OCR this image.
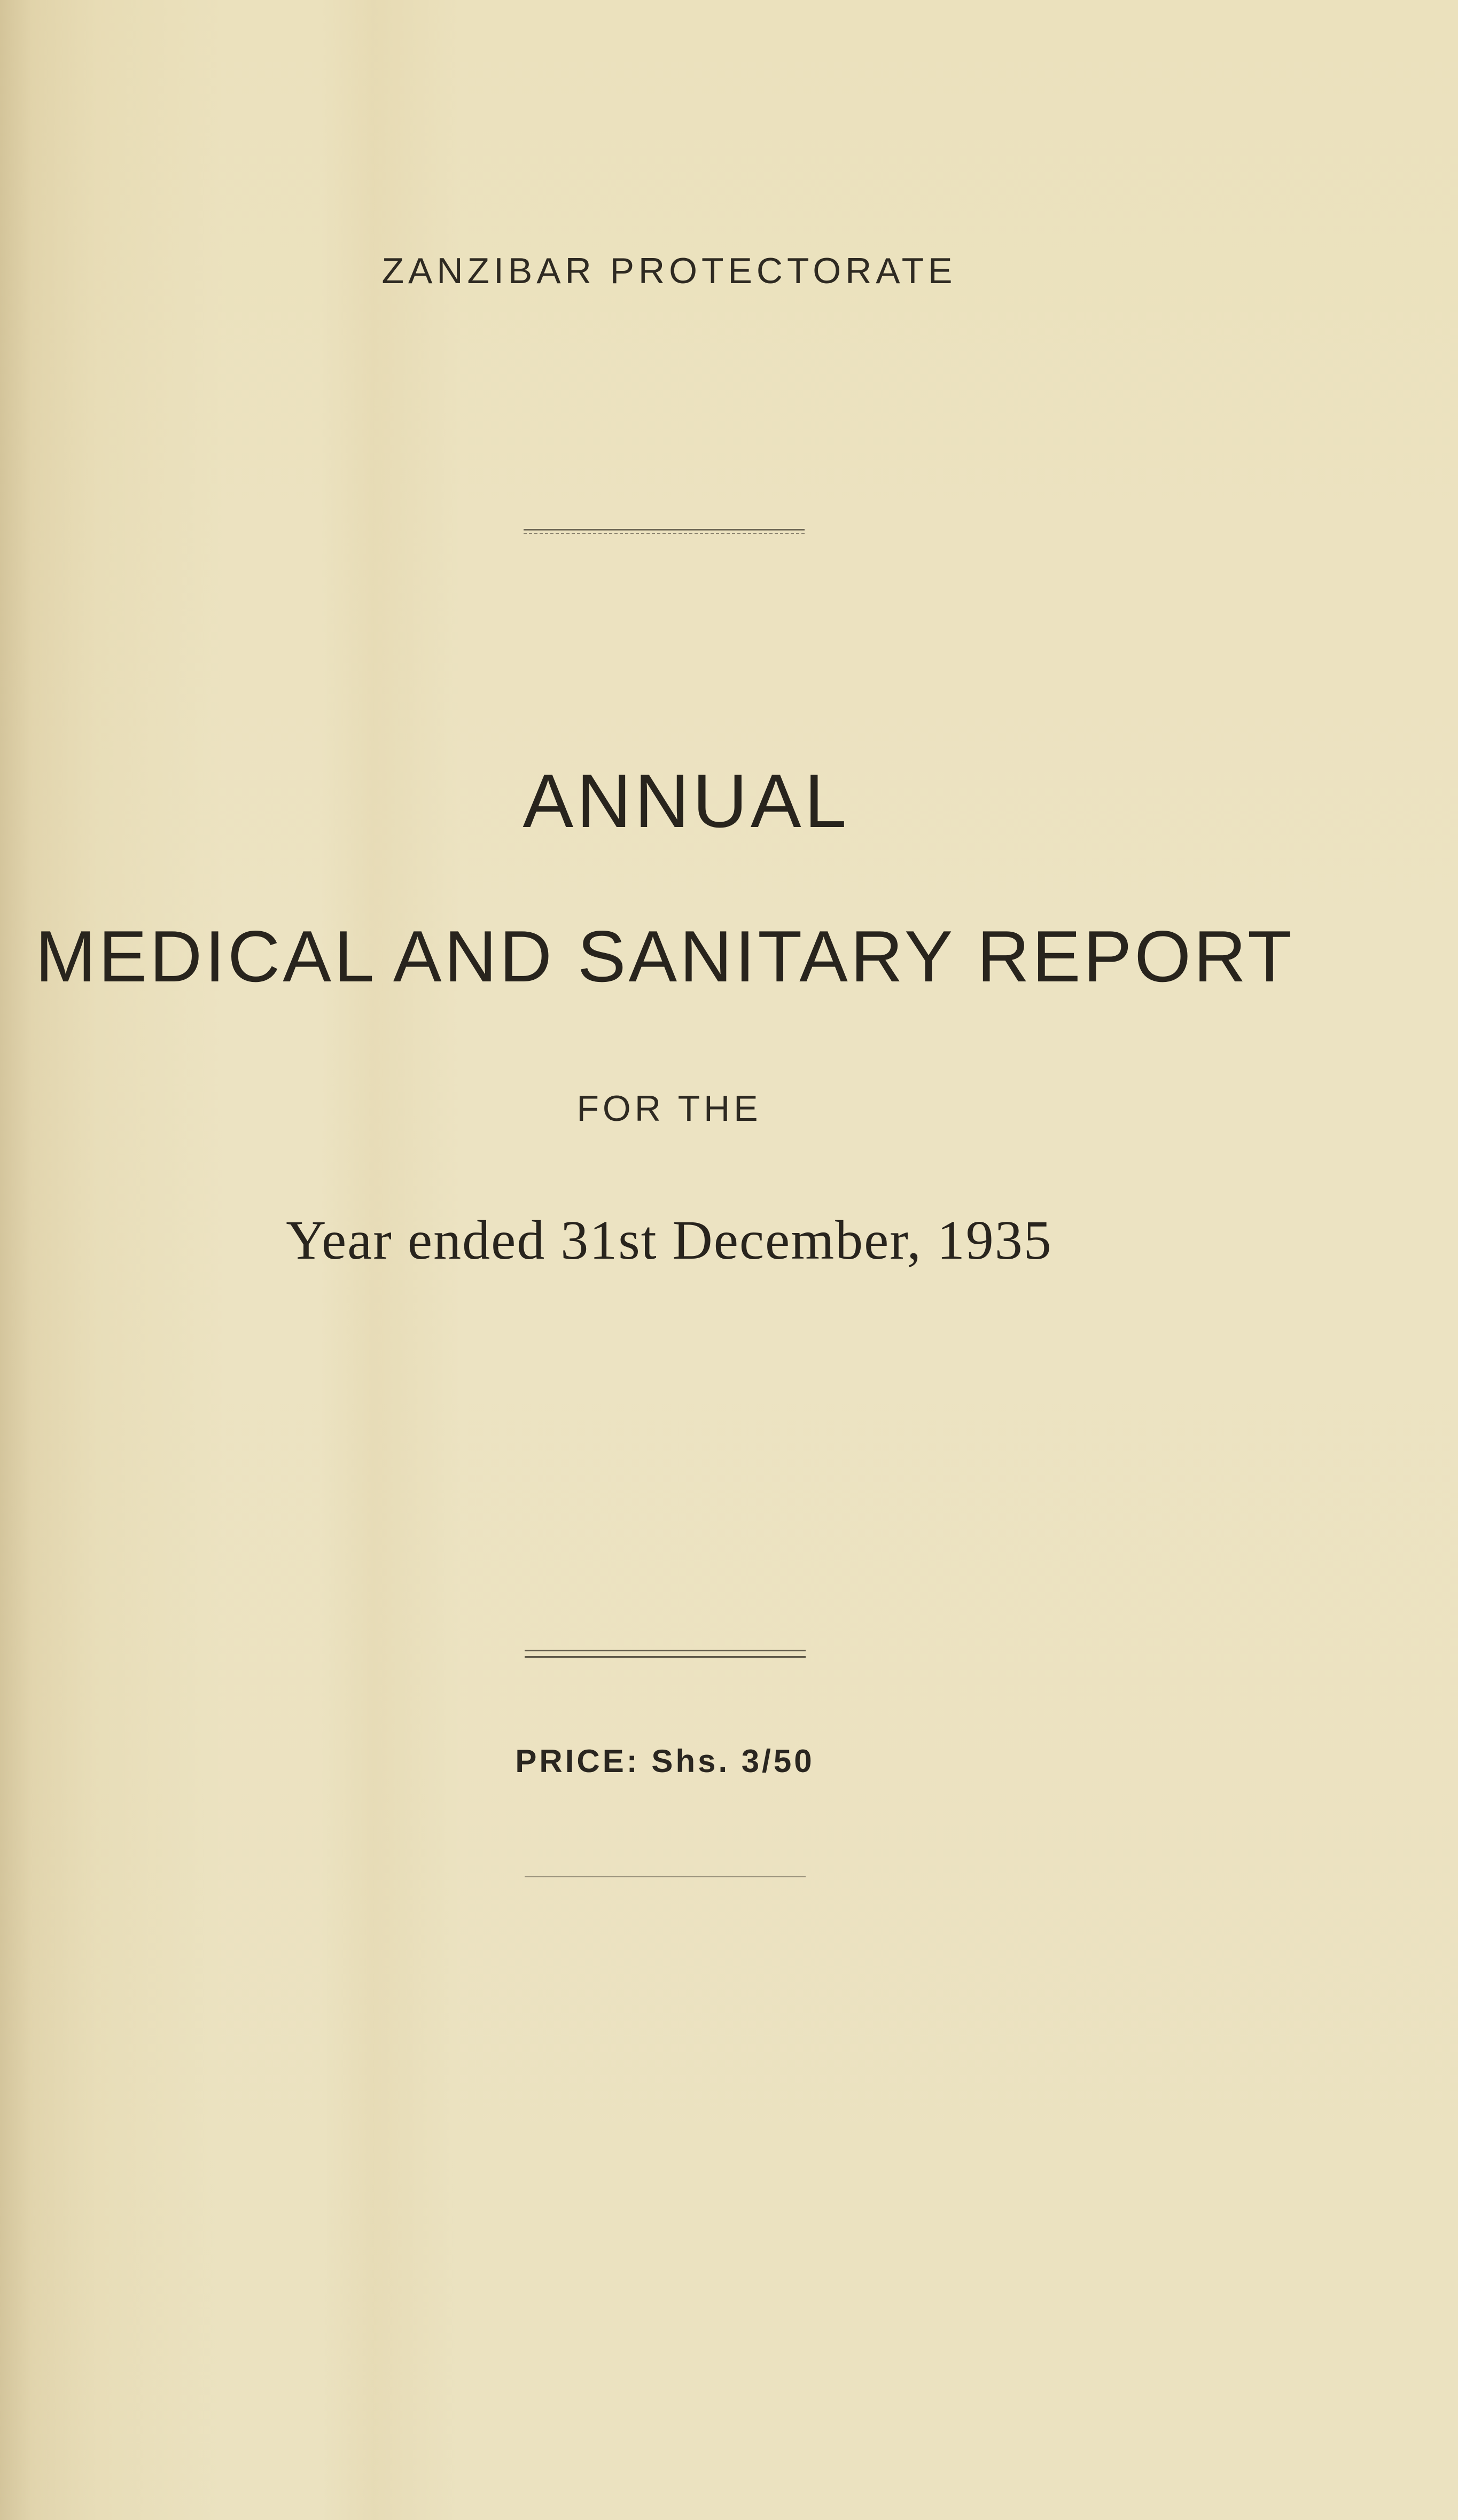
ZANZIBAR PROTECTORATE
ANNUAL
MEDICAL AND SANITARY REPORT
FOR THE
Year ended 31st December, 1935
PRICE: Shs. 3/50
